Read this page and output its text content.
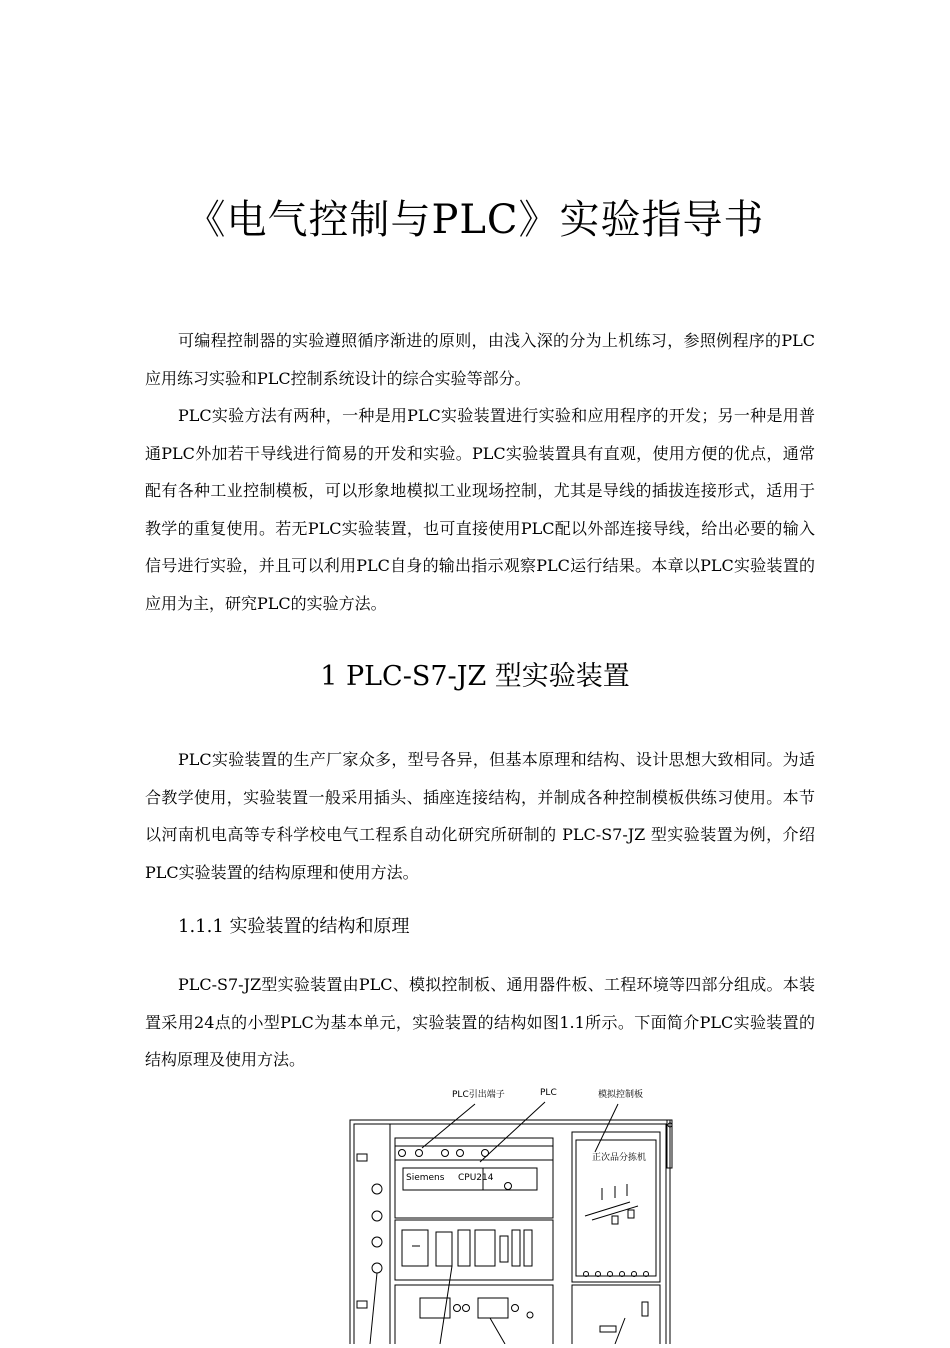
《电气控制与PLC》实验指导书

可编程控制器的实验遵照循序渐进的原则，由浅入深的分为上机练习，参照例程序的PLC应用练习实验和PLC控制系统设计的综合实验等部分。

PLC实验方法有两种，一种是用PLC实验装置进行实验和应用程序的开发；另一种是用普通PLC外加若干导线进行简易的开发和实验。PLC实验装置具有直观，使用方便的优点，通常配有各种工业控制模板，可以形象地模拟工业现场控制，尤其是导线的插拔连接形式，适用于教学的重复使用。若无PLC实验装置，也可直接使用PLC配以外部连接导线，给出必要的输入信号进行实验，并且可以利用PLC自身的输出指示观察PLC运行结果。本章以PLC实验装置的应用为主，研究PLC的实验方法。

1 PLC-S7-JZ 型实验装置

PLC实验装置的生产厂家众多，型号各异，但基本原理和结构、设计思想大致相同。为适合教学使用，实验装置一般采用插头、插座连接结构，并制成各种控制模板供练习使用。本节以河南机电高等专科学校电气工程系自动化研究所研制的 PLC-S7-JZ 型实验装置为例，介绍PLC实验装置的结构原理和使用方法。

1.1.1 实验装置的结构和原理

PLC-S7-JZ型实验装置由PLC、模拟控制板、通用器件板、工程环境等四部分组成。本装置采用24点的小型PLC为基本单元，实验装置的结构如图1.1所示。下面简介PLC实验装置的结构原理及使用方法。

PLC引出端子	PLC	模拟控制板
Siemens CPU214
正次品分拣机
